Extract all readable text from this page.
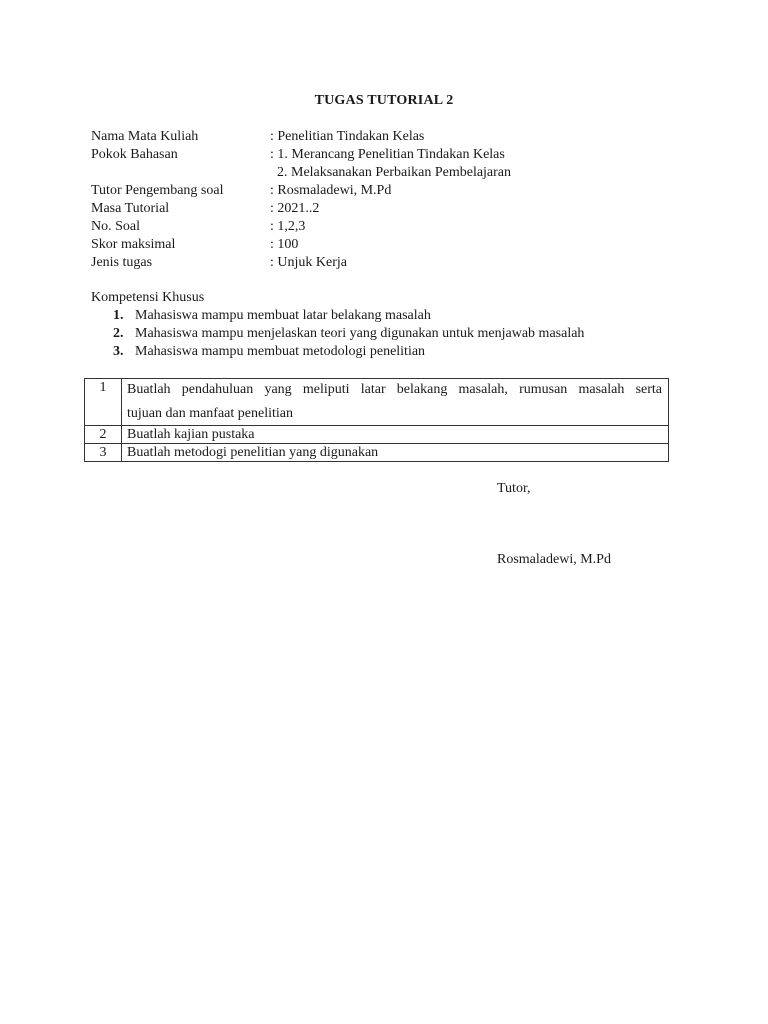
TUGAS TUTORIAL 2
Nama Mata Kuliah	: Penelitian Tindakan Kelas
Pokok Bahasan	: 1. Merancang Penelitian Tindakan Kelas
2. Melaksanakan Perbaikan Pembelajaran
Tutor Pengembang soal	: Rosmaladewi, M.Pd
Masa Tutorial	: 2021..2
No. Soal	: 1,2,3
Skor maksimal	: 100
Jenis tugas	: Unjuk Kerja
Kompetensi Khusus
1. Mahasiswa mampu membuat latar belakang masalah
2. Mahasiswa mampu menjelaskan teori yang digunakan untuk menjawab masalah
3. Mahasiswa mampu membuat metodologi penelitian
1	Buatlah pendahuluan yang meliputi latar belakang masalah, rumusan masalah serta
tujuan dan manfaat penelitian

2	Buatlah kajian pustaka
3	Buatlah metodogi penelitian yang digunakan
Tutor,
Rosmaladewi, M.Pd
